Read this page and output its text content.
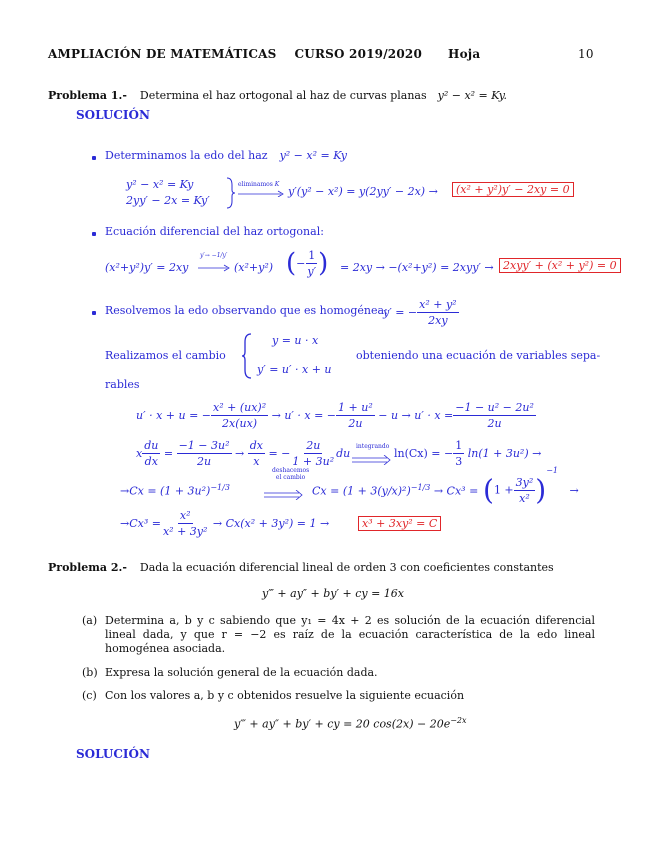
AMPLIACIÓN DE MATEMÁTICAS CURSO 2019/2020 Hoja	10
Problema 1.- Determina el haz ortogonal al haz de curvas planas y² − x² = Ky.
SOLUCIÓN
Determinamos la edo del haz y² − x² = Ky
y² − x² = Ky
2yy′ − 2x = Ky′
eliminamos K
y′(y² − x²) = y(2yy′ − 2x) →	(x² + y²)y′ − 2xy = 0
Ecuación diferencial del haz ortogonal:
(x²+y²)y′ = 2xy
y′→ −1/y′
(x²+y²) (− $\frac{1}{y'}$ ) = 2xy → −(x²+y²) = 2xyy′ → 2xyy′ + (x² + y²) = 0
Resolvemos la edo observando que es homogénea:
y′ = − $\frac{\text{x² + y²}}{2xy}$
Realizamos el cambio
y = u · x
y′ = u′ · x + u
obteniendo una ecuación de variables sepa-
rables
u′ · x + u = − $\frac{\text{x² + (ux)²}}{2x(ux)} \to u' \cdot x$ = − $\frac{\text{1 + u²}}{2u} - u \to u' \cdot x = \frac{\text{−1 − u² − 2u²}}{2u}$
x $\frac{du}{dx} = \frac{\text{−1 − 3u²}}{2u} \to \frac{dx}{x}$ = − $\frac{2u}{\text{1 + 3u²}}$ du
integrando
ln(Cx) = − $\frac{1}{3} \ln(1 + 3u^2)$ →
$\to Cx = (1 + 3u^2)^{-1/3}$
deshacemos
el cambio
$Cx = (1 + 3(y/x)^2)^{-1/3} \to Cx^3 = (1 + \frac{\text{3y²}}{\text{x²}} )^{-1}$ →
$\to Cx^3 = \frac{\text{x²}}{\text{x² + 3y²}} \to Cx(x^2 + 3y^2) = 1$ →	x³ + 3xy² = C
Problema 2.- Dada la ecuación diferencial lineal de orden 3 con coeficientes constantes
y‴ + ay″ + by′ + cy = 16x
(a) Determina a, b y c sabiendo que y₁ = 4x + 2 es solución de la ecuación diferencial lineal dada, y que r = −2 es raíz de la ecuación característica de la edo lineal homogénea asociada.
(b) Expresa la solución general de la ecuación dada.
(c) Con los valores a, b y c obtenidos resuelve la siguiente ecuación
y‴ + ay″ + by′ + cy = 20 $\cos(2x) - 20e^{-2x}$
SOLUCIÓN
